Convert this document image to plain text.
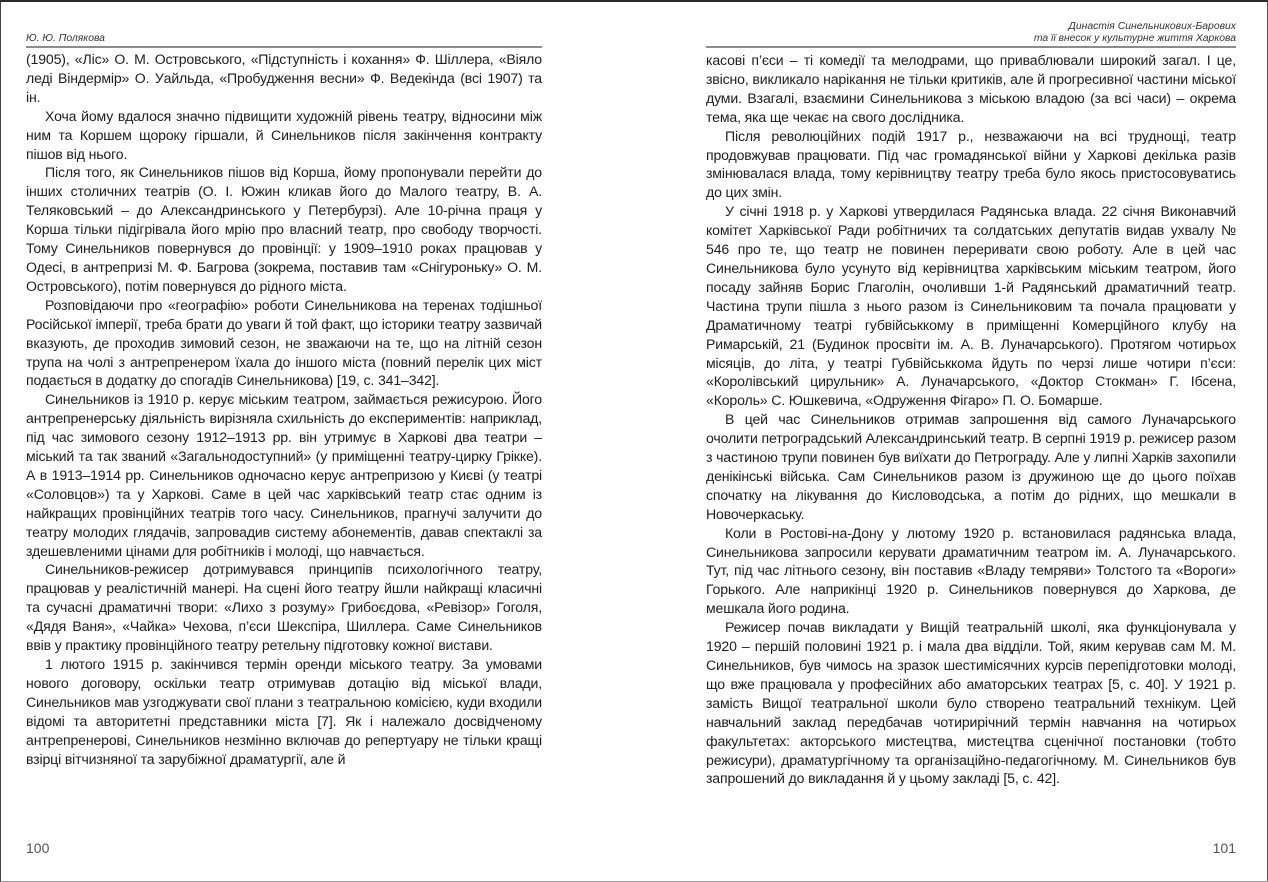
Ю. Ю. Полякова

(1905), «Ліс» О. М. Островського, «Підступність і кохання» Ф. Шіллера, «Віяло леді Віндермір» О. Уайльда, «Пробудження весни» Ф. Ведекінда (всі 1907) та ін.

Хоча йому вдалося значно підвищити художній рівень театру, відносини між ним та Коршем щороку гіршали, й Синельников після закінчення контракту пішов від нього.

Після того, як Синельников пішов від Корша, йому пропонували перейти до інших столичних театрів (О. І. Южин кликав його до Малого театру, В. А. Теляковський – до Александринського у Петербурзі). Але 10-річна праця у Корша тільки підігрівала його мрію про власний театр, про свободу творчості. Тому Синельников повернувся до провінції: у 1909–1910 роках працював у Одесі, в антрепризі М. Ф. Багрова (зокрема, поставив там «Снігуроньку» О. М. Островського), потім повернувся до рідного міста.

Розповідаючи про «географію» роботи Синельникова на теренах тодішньої Російської імперії, треба брати до уваги й той факт, що історики театру зазвичай вказують, де проходив зимовий сезон, не зважаючи на те, що на літній сезон трупа на чолі з антрепренером їхала до іншого міста (повний перелік цих міст подається в додатку до спогадів Синельникова) [19, с. 341–342].

Синельников із 1910 р. керує міським театром, займається режисурою. Його антрепренерську діяльність вирізняла схильність до експериментів: наприклад, під час зимового сезону 1912–1913 рр. він утримує в Харкові два театри – міський та так званий «Загальнодоступний» (у приміщенні театру-цирку Грікке). А в 1913–1914 рр. Синельников одночасно керує антрепризою у Києві (у театрі «Соловцов») та у Харкові. Саме в цей час харківський театр стає одним із найкращих провінційних театрів того часу. Синельников, прагнучі залучити до театру молодих глядачів, запровадив систему абонементів, давав спектаклі за здешевленими цінами для робітників і молоді, що навчається.

Синельников-режисер дотримувався принципів психологічного театру, працював у реалістичній манері. На сцені його театру йшли найкращі класичні та сучасні драматичні твори: «Лихо з розуму» Грибоєдова, «Ревізор» Гоголя, «Дядя Ваня», «Чайка» Чехова, п’єси Шекспіра, Шиллера. Саме Синельников ввів у практику провінційного театру ретельну підготовку кожної вистави.

1 лютого 1915 р. закінчився термін оренди міського театру. За умовами нового договору, оскільки театр отримував дотацію від міської влади, Синельников мав узгоджувати свої плани з театральною комісією, куди входили відомі та авторитетні представники міста [7]. Як і належало досвідченому антрепренерові, Синельников незмінно включав до репертуару не тільки кращі взірці вітчизняної та зарубіжної драматургії, але й

100
Династія Синельникових-Барових
та її внесок у культурне життя Харкова

касові п’єси – ті комедії та мелодрами, що приваблювали широкий загал. І це, звісно, викликало нарікання не тільки критиків, але й прогресивної частини міської думи. Взагалі, взаємини Синельникова з міською владою (за всі часи) – окрема тема, яка ще чекає на свого дослідника.

Після революційних подій 1917 р., незважаючи на всі труднощі, театр продовжував працювати. Під час громадянської війни у Харкові декілька разів змінювалася влада, тому керівництву театру треба було якось пристосовуватись до цих змін.

У січні 1918 р. у Харкові утвердилася Радянська влада. 22 січня Виконавчий комітет Харківської Ради робітничих та солдатських депутатів видав ухвалу № 546 про те, що театр не повинен переривати свою роботу. Але в цей час Синельникова було усунуто від керівництва харківським міським театром, його посаду зайняв Борис Глаголін, очоливши 1-й Радянський драматичний театр. Частина трупи пішла з нього разом із Синельниковим та почала працювати у Драматичному театрі губвійськкому в приміщенні Комерційного клубу на Римарській, 21 (Будинок просвіти ім. А. В. Луначарського). Протягом чотирьох місяців, до літа, у театрі Губвійськкома йдуть по черзі лише чотири п’єси: «Королівський цирульник» А. Луначарського, «Доктор Стокман» Г. Ібсена, «Король» С. Юшкевича, «Одруження Фігаро» П. О. Бомарше.

В цей час Синельников отримав запрошення від самого Луначарського очолити петроградський Александринський театр. В серпні 1919 р. режисер разом з частиною трупи повинен був виїхати до Петрограду. Але у липні Харків захопили денікінські війська. Сам Синельников разом із дружиною ще до цього поїхав спочатку на лікування до Кисловодська, а потім до рідних, що мешкали в Новочеркаську.

Коли в Ростові-на-Дону у лютому 1920 р. встановилася радянська влада, Синельникова запросили керувати драматичним театром ім. А. Луначарського. Тут, під час літнього сезону, він поставив «Владу темряви» Толстого та «Вороги» Горького. Але наприкінці 1920 р. Синельников повернувся до Харкова, де мешкала його родина.

Режисер почав викладати у Вищій театральній школі, яка функціонувала у 1920 – першій половині 1921 р. і мала два відділи. Той, яким керував сам М. М. Синельников, був чимось на зразок шестимісячних курсів перепідготовки молоді, що вже працювала у професійних або аматорських театрах [5, с. 40]. У 1921 р. замість Вищої театральної школи було створено театральний технікум. Цей навчальний заклад передбачав чотирирічний термін навчання на чотирьох факультетах: акторського мистецтва, мистецтва сценічної постановки (тобто режисури), драматургічному та організаційно-педагогічному. М. Синельников був запрошений до викладання й у цьому закладі [5, с. 42].

101
